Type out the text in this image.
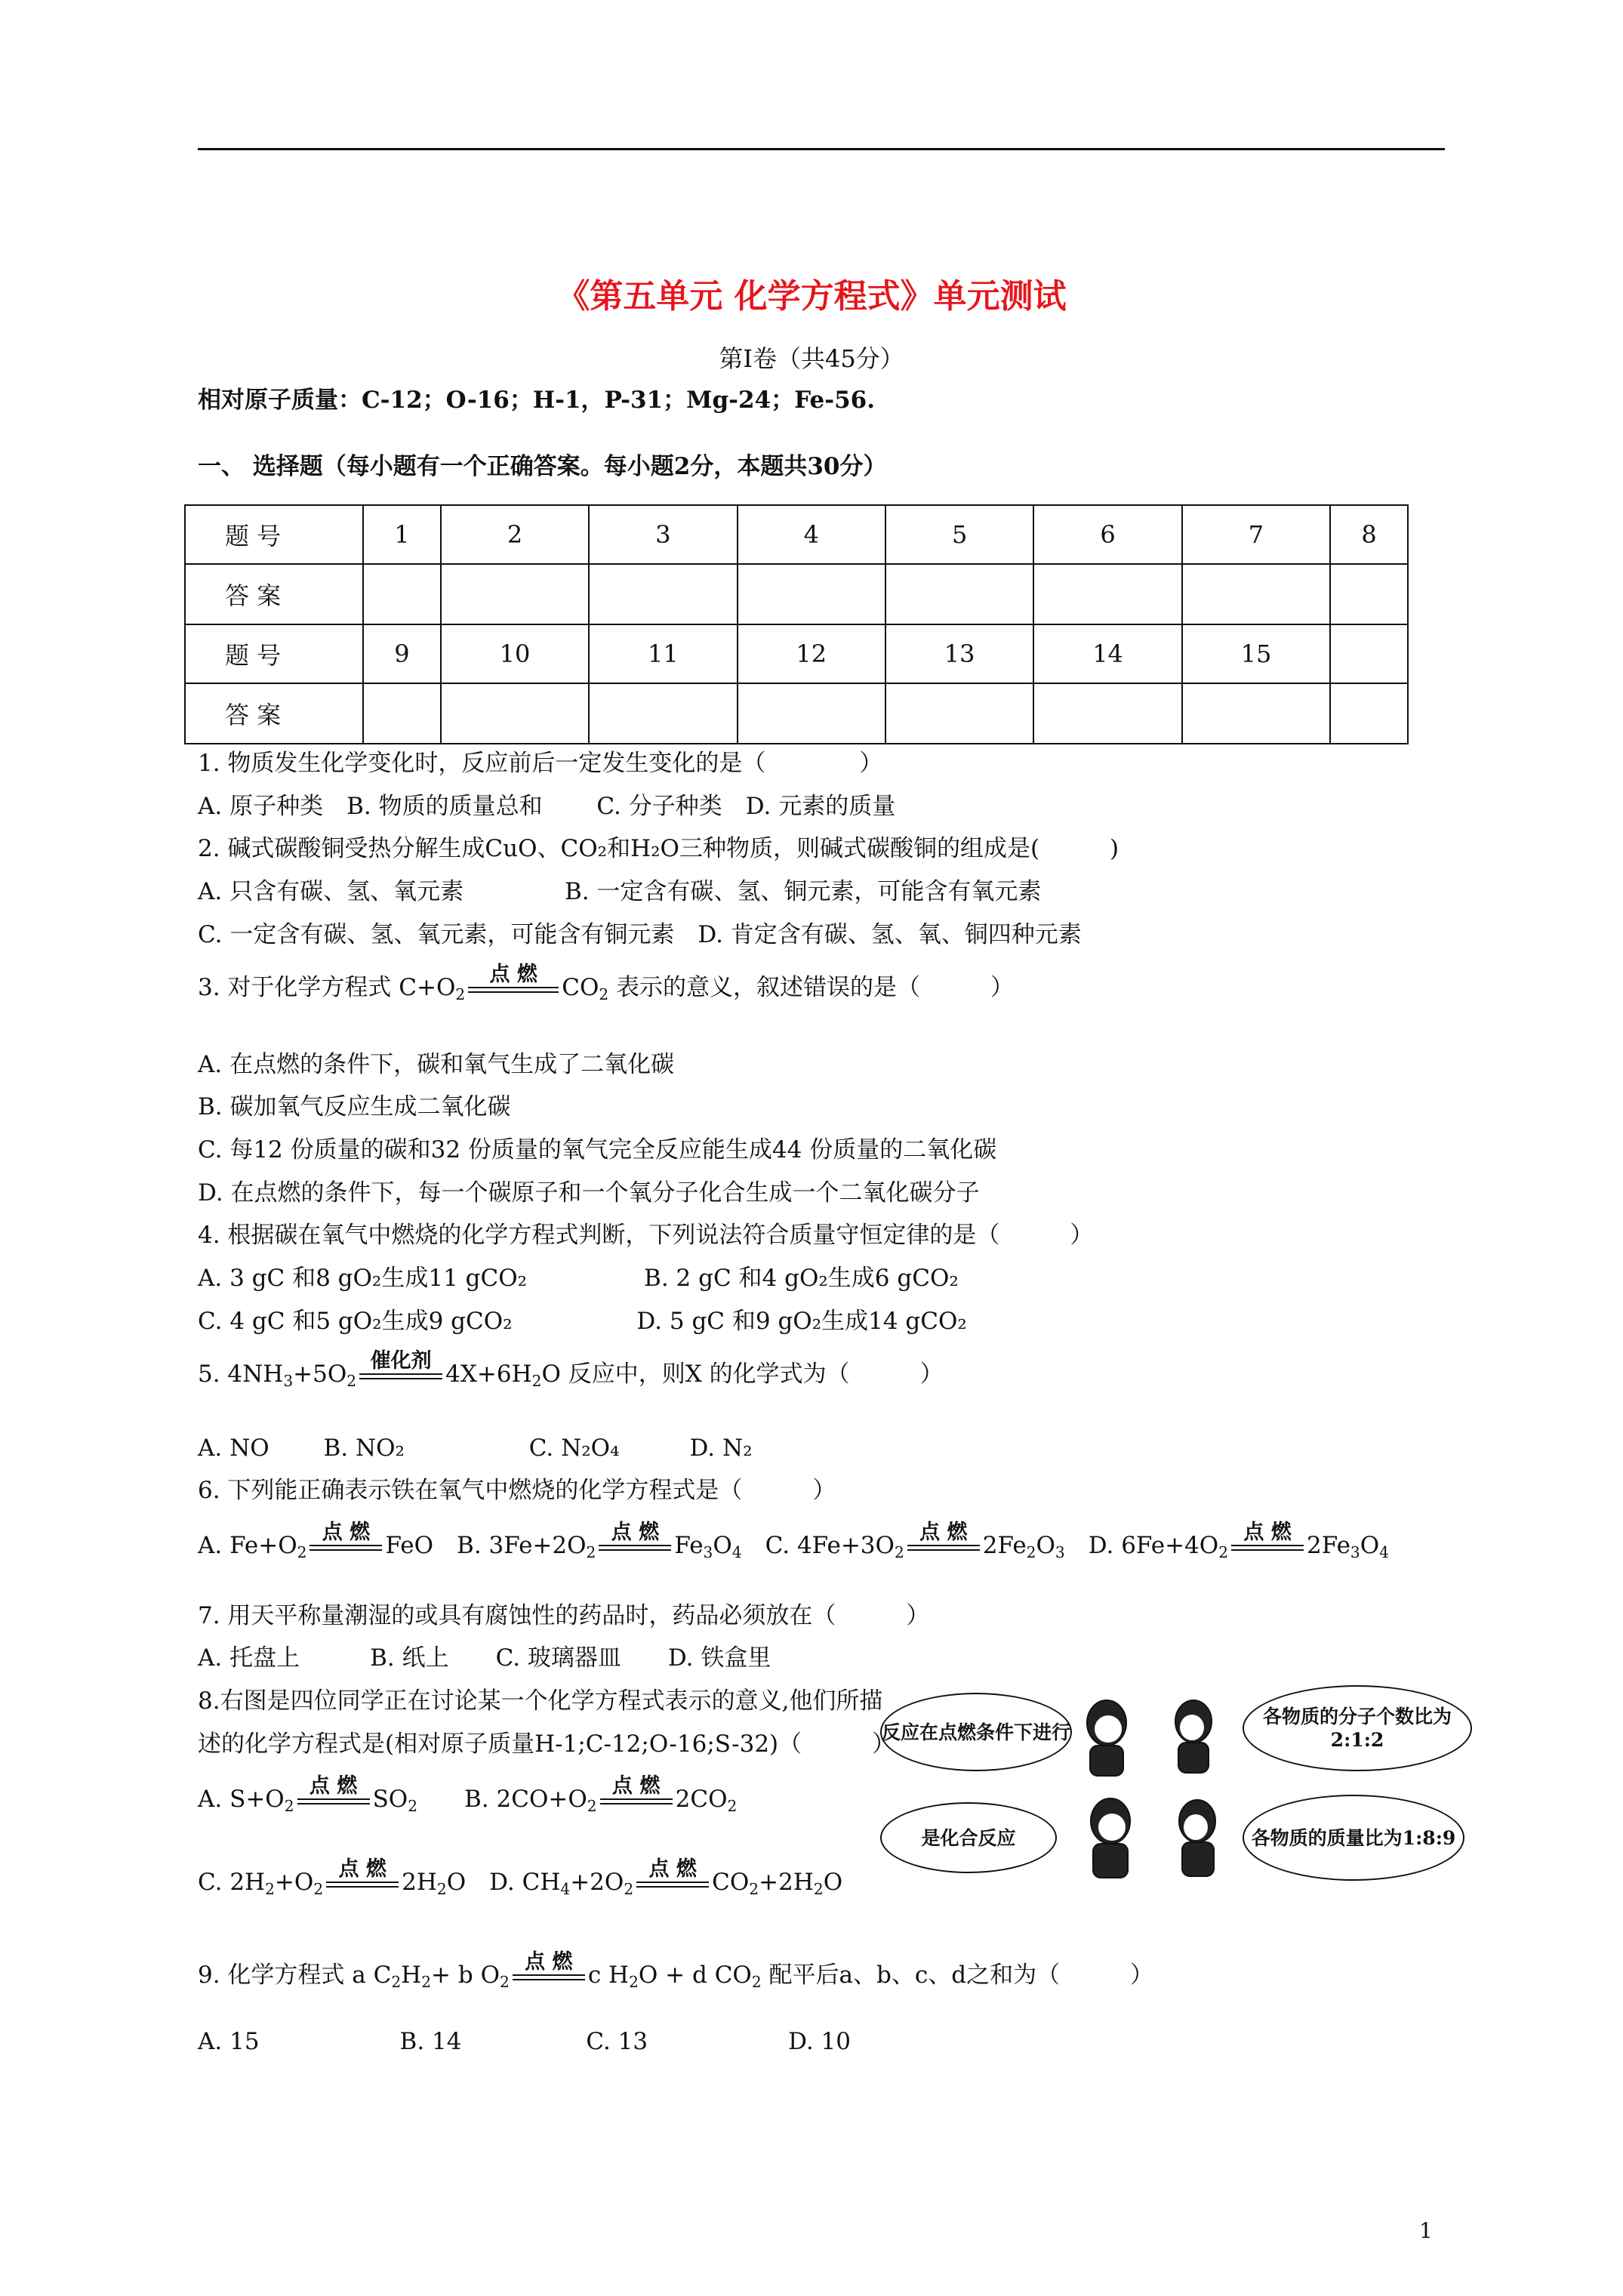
《第五单元 化学方程式》单元测试
第Ⅰ卷（共45分）
相对原子质量：C-12；O-16；H-1，P-31；Mg-24；Fe-56.
一、 选择题（每小题有一个正确答案。每小题2分，本题共30分）
题 号	1	2	3	4	5	6	7	8
答 案								
题 号	9	10	11	12	13	14	15	
答 案								
1. 物质发生化学变化时，反应前后一定发生变化的是（　　　　）
A. 原子种类　B. 物质的质量总和　　 C. 分子种类　D. 元素的质量
2. 碱式碳酸铜受热分解生成CuO、CO₂和H₂O三种物质，则碱式碳酸铜的组成是(　　　)
A. 只含有碳、氢、氧元素　　　　 B. 一定含有碳、氢、铜元素，可能含有氧元素
C. 一定含有碳、氢、氧元素，可能含有铜元素　D. 肯定含有碳、氢、氧、铜四种元素
3. 对于化学方程式 $C+O_2$
点 燃	$CO_2$ 表示的意义，叙述错误的是（　　　）
A. 在点燃的条件下，碳和氧气生成了二氧化碳
B. 碳加氧气反应生成二氧化碳
C. 每12 份质量的碳和32 份质量的氧气完全反应能生成44 份质量的二氧化碳
D. 在点燃的条件下，每一个碳原子和一个氧分子化合生成一个二氧化碳分子
4. 根据碳在氧气中燃烧的化学方程式判断，下列说法符合质量守恒定律的是（　　　）
A. 3 gC 和8 gO₂生成11 gCO₂　　　　　B. 2 gC 和4 gO₂生成6 gCO₂
C. 4 gC 和5 gO₂生成9 gCO₂　　　　　 D. 5 gC 和9 gO₂生成14 gCO₂
5. $4NH_3+5O_2$
催化剂 $4X+6H_2O$ 反应中，则X 的化学式为（　　　）
A. NO　　 B. NO₂　　　　　 C. N₂O₄　　　D. N₂
6. 下列能正确表示铁在氧气中燃烧的化学方程式是（　　　）
A. $Fe+O_2$
点 燃 FeO　B. $3Fe+2O_2$
点 燃 $Fe_3O_4$　C. $4Fe+3O_2$
点 燃 $2Fe_2O_3$　D. $6Fe+4O_2$
点 燃 $2Fe_3O_4$
7. 用天平称量潮湿的或具有腐蚀性的药品时，药品必须放在（　　　）
A. 托盘上　　　B. 纸上　　C. 玻璃器皿　　D. 铁盒里
8.右图是四位同学正在讨论某一个化学方程式表示的意义,他们所描
述的化学方程式是(相对原子质量H-1;C-12;O-16;S-32)（　　　）
A. $S+O_2$
点 燃 $SO_2$　　B. $2CO+O_2$
点 燃 $2CO_2$
C. $2H_2+O_2$
点 燃 $2H_2O$　D. $CH_4+2O_2$
点 燃 $CO_2+2H_2O$
反应在点燃条件下进行
各物质的分子个数比为2:1:2
是化合反应	各物质的质量比为1:8:9
9. 化学方程式 a $C_2H_2+ b$ $O_2$
点 燃 c $H_2O + d$ $CO_2$ 配平后a、b、c、d之和为（　　　）
A. 15　　　　　　B. 14　　　　　 C. 13　　　　　　D. 10
1
